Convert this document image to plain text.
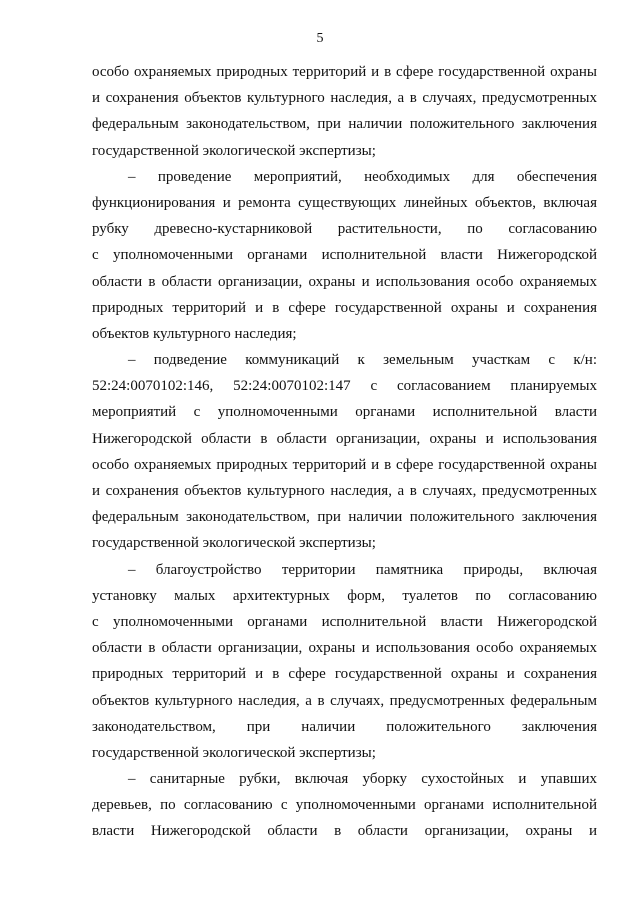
5
особо охраняемых природных территорий и в сфере государственной охраны
и сохранения объектов культурного наследия, а в случаях, предусмотренных
федеральным законодательством, при наличии положительного заключения
государственной экологической экспертизы;
– проведение мероприятий, необходимых для обеспечения
функционирования и ремонта существующих линейных объектов, включая
рубку древесно-кустарниковой растительности, по согласованию
с уполномоченными органами исполнительной власти Нижегородской
области в области организации, охраны и использования особо охраняемых
природных территорий и в сфере государственной охраны и сохранения
объектов культурного наследия;
– подведение коммуникаций к земельным участкам с к/н:
52:24:0070102:146, 52:24:0070102:147 с согласованием планируемых
мероприятий с уполномоченными органами исполнительной власти
Нижегородской области в области организации, охраны и использования
особо охраняемых природных территорий и в сфере государственной охраны
и сохранения объектов культурного наследия, а в случаях, предусмотренных
федеральным законодательством, при наличии положительного заключения
государственной экологической экспертизы;
– благоустройство территории памятника природы, включая
установку малых архитектурных форм, туалетов по согласованию
с уполномоченными органами исполнительной власти Нижегородской
области в области организации, охраны и использования особо охраняемых
природных территорий и в сфере государственной охраны и сохранения
объектов культурного наследия, а в случаях, предусмотренных федеральным
законодательством, при наличии положительного заключения
государственной экологической экспертизы;
– санитарные рубки, включая уборку сухостойных и упавших
деревьев, по согласованию с уполномоченными органами исполнительной
власти Нижегородской области в области организации, охраны и
